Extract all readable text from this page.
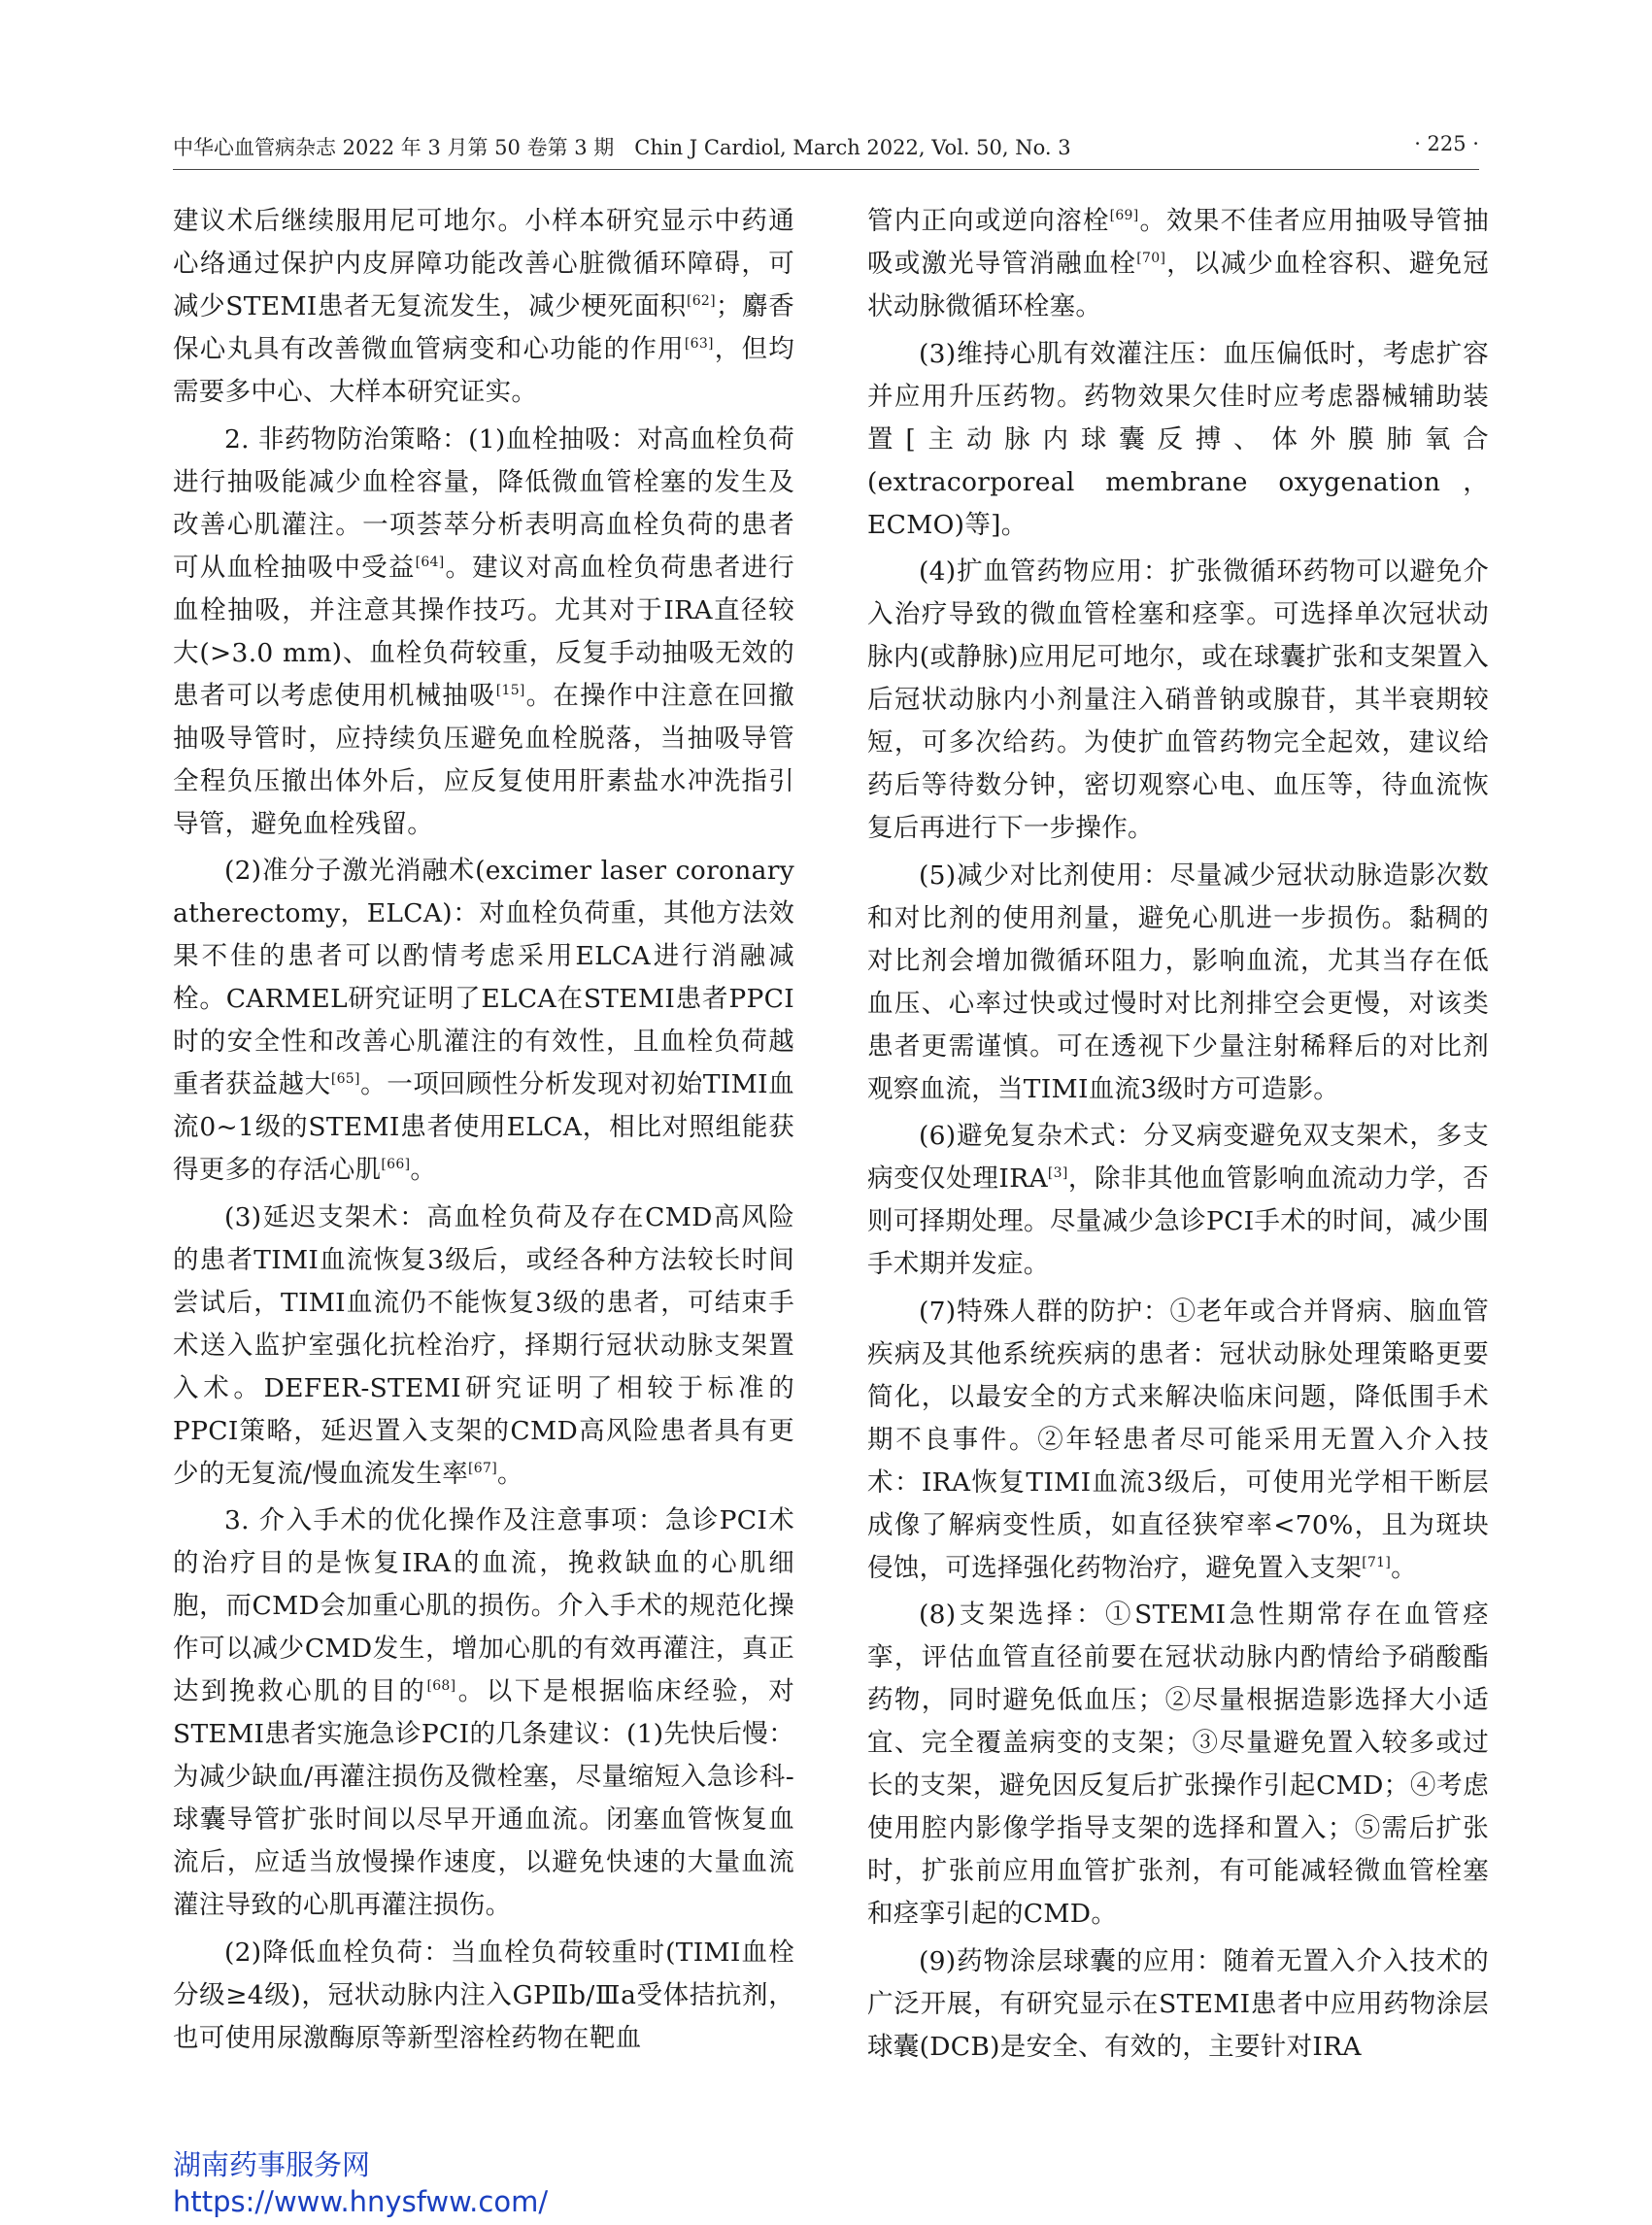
中华心血管病杂志 2022 年 3 月第 50 卷第 3 期　Chin J Cardiol, March 2022, Vol. 50, No. 3	· 225 ·

建议术后继续服用尼可地尔。小样本研究显示中药通心络通过保护内皮屏障功能改善心脏微循环障碍，可减少STEMI患者无复流发生，减少梗死面积[62]；麝香保心丸具有改善微血管病变和心功能的作用[63]，但均需要多中心、大样本研究证实。

2. 非药物防治策略：(1)血栓抽吸：对高血栓负荷进行抽吸能减少血栓容量，降低微血管栓塞的发生及改善心肌灌注。一项荟萃分析表明高血栓负荷的患者可从血栓抽吸中受益[64]。建议对高血栓负荷患者进行血栓抽吸，并注意其操作技巧。尤其对于IRA直径较大(>3.0 mm)、血栓负荷较重，反复手动抽吸无效的患者可以考虑使用机械抽吸[15]。在操作中注意在回撤抽吸导管时，应持续负压避免血栓脱落，当抽吸导管全程负压撤出体外后，应反复使用肝素盐水冲洗指引导管，避免血栓残留。

(2)准分子激光消融术(excimer laser coronary atherectomy，ELCA)：对血栓负荷重，其他方法效果不佳的患者可以酌情考虑采用ELCA进行消融减栓。CARMEL研究证明了ELCA在STEMI患者PPCI时的安全性和改善心肌灌注的有效性，且血栓负荷越重者获益越大[65]。一项回顾性分析发现对初始TIMI血流0~1级的STEMI患者使用ELCA，相比对照组能获得更多的存活心肌[66]。

(3)延迟支架术：高血栓负荷及存在CMD高风险的患者TIMI血流恢复3级后，或经各种方法较长时间尝试后，TIMI血流仍不能恢复3级的患者，可结束手术送入监护室强化抗栓治疗，择期行冠状动脉支架置入术。DEFER-STEMI研究证明了相较于标准的PPCI策略，延迟置入支架的CMD高风险患者具有更少的无复流/慢血流发生率[67]。

3. 介入手术的优化操作及注意事项：急诊PCI术的治疗目的是恢复IRA的血流，挽救缺血的心肌细胞，而CMD会加重心肌的损伤。介入手术的规范化操作可以减少CMD发生，增加心肌的有效再灌注，真正达到挽救心肌的目的[68]。以下是根据临床经验，对STEMI患者实施急诊PCI的几条建议：(1)先快后慢：为减少缺血/再灌注损伤及微栓塞，尽量缩短入急诊科-球囊导管扩张时间以尽早开通血流。闭塞血管恢复血流后，应适当放慢操作速度，以避免快速的大量血流灌注导致的心肌再灌注损伤。

(2)降低血栓负荷：当血栓负荷较重时(TIMI血栓分级≥4级)，冠状动脉内注入GPⅡb/Ⅲa受体拮抗剂，也可使用尿激酶原等新型溶栓药物在靶血

管内正向或逆向溶栓[69]。效果不佳者应用抽吸导管抽吸或激光导管消融血栓[70]，以减少血栓容积、避免冠状动脉微循环栓塞。

(3)维持心肌有效灌注压：血压偏低时，考虑扩容并应用升压药物。药物效果欠佳时应考虑器械辅助装置[主动脉内球囊反搏、体外膜肺氧合(extracorporeal membrane oxygenation，ECMO)等]。

(4)扩血管药物应用：扩张微循环药物可以避免介入治疗导致的微血管栓塞和痉挛。可选择单次冠状动脉内(或静脉)应用尼可地尔，或在球囊扩张和支架置入后冠状动脉内小剂量注入硝普钠或腺苷，其半衰期较短，可多次给药。为使扩血管药物完全起效，建议给药后等待数分钟，密切观察心电、血压等，待血流恢复后再进行下一步操作。

(5)减少对比剂使用：尽量减少冠状动脉造影次数和对比剂的使用剂量，避免心肌进一步损伤。黏稠的对比剂会增加微循环阻力，影响血流，尤其当存在低血压、心率过快或过慢时对比剂排空会更慢，对该类患者更需谨慎。可在透视下少量注射稀释后的对比剂观察血流，当TIMI血流3级时方可造影。

(6)避免复杂术式：分叉病变避免双支架术，多支病变仅处理IRA[3]，除非其他血管影响血流动力学，否则可择期处理。尽量减少急诊PCI手术的时间，减少围手术期并发症。

(7)特殊人群的防护：①老年或合并肾病、脑血管疾病及其他系统疾病的患者：冠状动脉处理策略更要简化，以最安全的方式来解决临床问题，降低围手术期不良事件。②年轻患者尽可能采用无置入介入技术：IRA恢复TIMI血流3级后，可使用光学相干断层成像了解病变性质，如直径狭窄率<70%，且为斑块侵蚀，可选择强化药物治疗，避免置入支架[71]。

(8)支架选择：①STEMI急性期常存在血管痉挛，评估血管直径前要在冠状动脉内酌情给予硝酸酯药物，同时避免低血压；②尽量根据造影选择大小适宜、完全覆盖病变的支架；③尽量避免置入较多或过长的支架，避免因反复后扩张操作引起CMD；④考虑使用腔内影像学指导支架的选择和置入；⑤需后扩张时，扩张前应用血管扩张剂，有可能减轻微血管栓塞和痉挛引起的CMD。

(9)药物涂层球囊的应用：随着无置入介入技术的广泛开展，有研究显示在STEMI患者中应用药物涂层球囊(DCB)是安全、有效的，主要针对IRA

湖南药事服务网
https://www.hnysfww.com/
